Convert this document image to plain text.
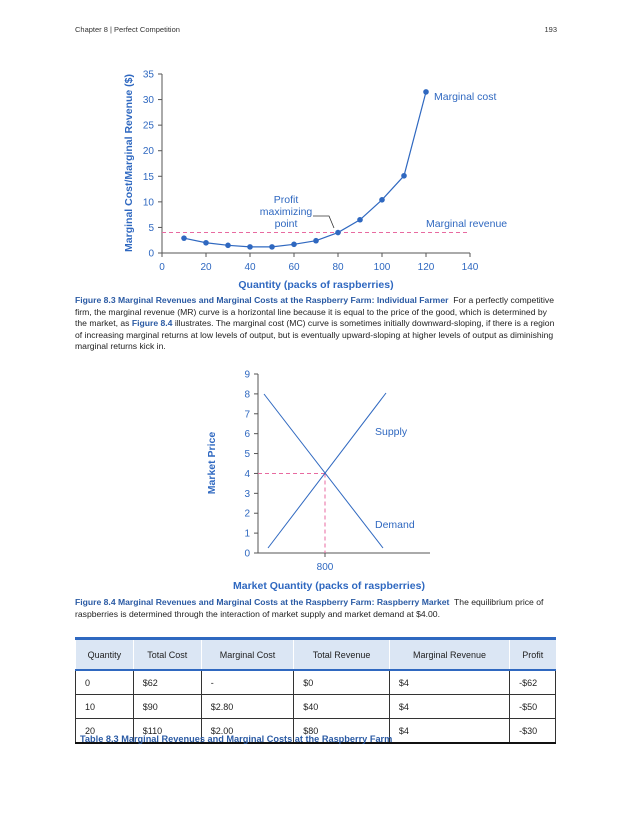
Chapter 8 | Perfect Competition	193
0
5
10
15
20
25
30
35
0	20	40	60	80	100	120	140
Marginal Cost/Marginal Revenue ($)
Quantity (packs of raspberries)
Marginal cost
Marginal revenue
Profit
maximizing
point
Figure 8.3 Marginal Revenues and Marginal Costs at the Raspberry Farm: Individual Farmer For a perfectly competitive firm, the marginal revenue (MR) curve is a horizontal line because it is equal to the price of the good, which is determined by the market, as Figure 8.4 illustrates. The marginal cost (MC) curve is sometimes initially downward-sloping, if there is a region of increasing marginal returns at low levels of output, but is eventually upward-sloping at higher levels of output as diminishing marginal returns kick in.
0
1
2
3
4
5
6
7
8
9
800
Market Price
Market Quantity (packs of raspberries)
Supply
Demand
Figure 8.4 Marginal Revenues and Marginal Costs at the Raspberry Farm: Raspberry Market The equilibrium price of raspberries is determined through the interaction of market supply and market demand at $4.00.
Quantity	Total Cost	Marginal Cost	Total Revenue	Marginal Revenue	Profit
0	$62	-	$0	$4	-$62
10	$90	$2.80	$40	$4	-$50
20	$110	$2.00	$80	$4	-$30
Table 8.3 Marginal Revenues and Marginal Costs at the Raspberry Farm
